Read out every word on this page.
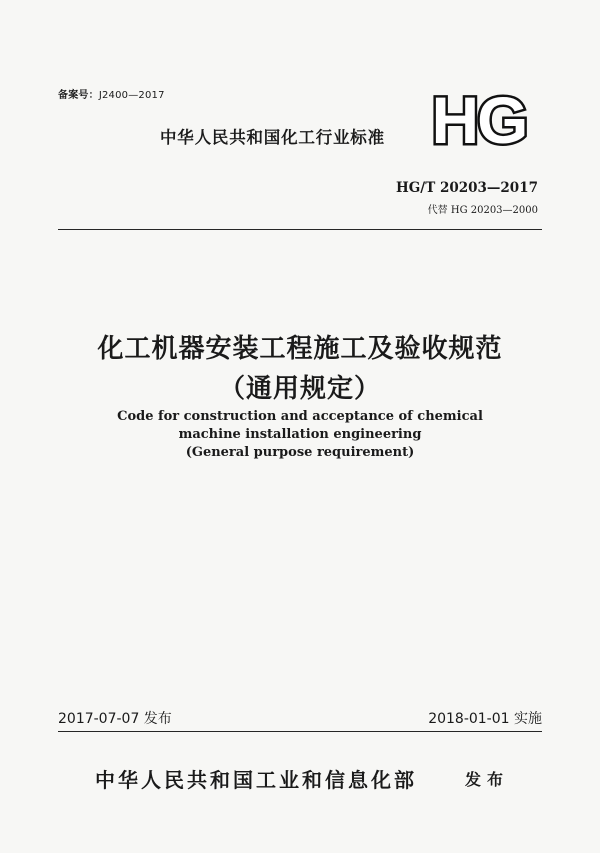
备案号：J2400—2017
中华人民共和国化工行业标准 HG
HG/T 20203—2017
代替 HG 20203—2000
化工机器安装工程施工及验收规范
（通用规定）
Code for construction and acceptance of chemical
machine installation engineering
(General purpose requirement)
2017-07-07 发布	2018-01-01 实施
中华人民共和国工业和信息化部	发布
